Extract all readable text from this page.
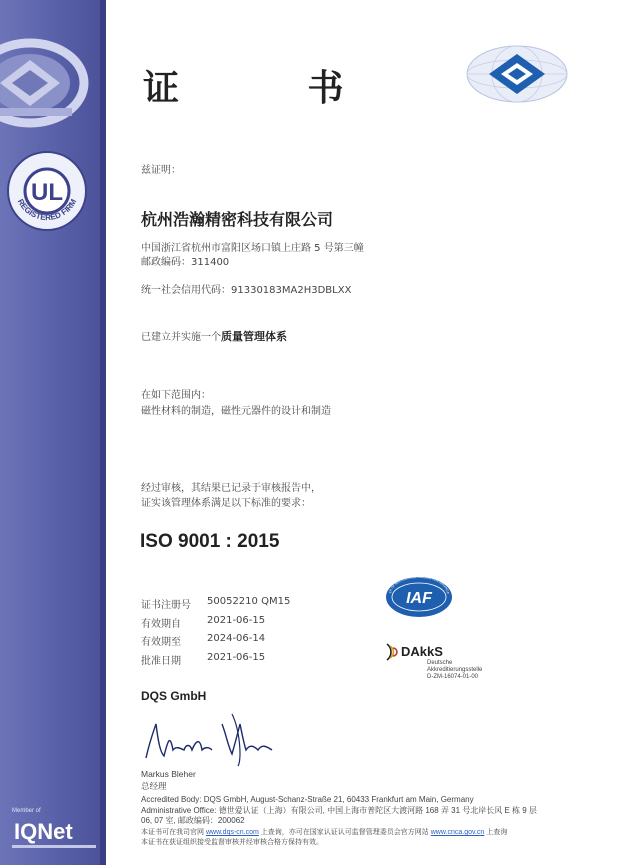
UL
REGISTERED FIRM
Member of
IQNet
证 书
兹证明：
杭州浩瀚精密科技有限公司
中国浙江省杭州市富阳区场口镇上庄路 5 号第三幢
邮政编码：311400
统一社会信用代码：91330183MA2H3DBLXX
已建立并实施一个质量管理体系
在如下范围内：
磁性材料的制造，磁性元器件的设计和制造
经过审核，其结果已记录于审核报告中，
证实该管理体系满足以下标准的要求：
ISO 9001 : 2015
证书注册号 50052210 QM15
有效期自	2021-06-15
有效期至	2024-06-14
批准日期	2021-06-15
IAF
ER OF MULTILATERAL RECOGNITION ARRANGE
DAkkS
Deutsche
Akkreditierungsstelle
D-ZM-16074-01-00
DQS GmbH
Markus Bleher
总经理
Accredited Body: DQS GmbH, August-Schanz-Straße 21, 60433 Frankfurt am Main, Germany
Administrative Office: 德世爱认证（上海）有限公司, 中国上海市普陀区大渡河路 168 弄 31 号北岸长风 E 栋 9 层
06, 07 室, 邮政编码：200062
本证书可在我司官网 www.dqs-cn.com 上查询，亦可在国家认证认可监督管理委员会官方网站 www.cnca.gov.cn 上查询
本证书在获证组织接受监督审核并经审核合格方保持有效。
